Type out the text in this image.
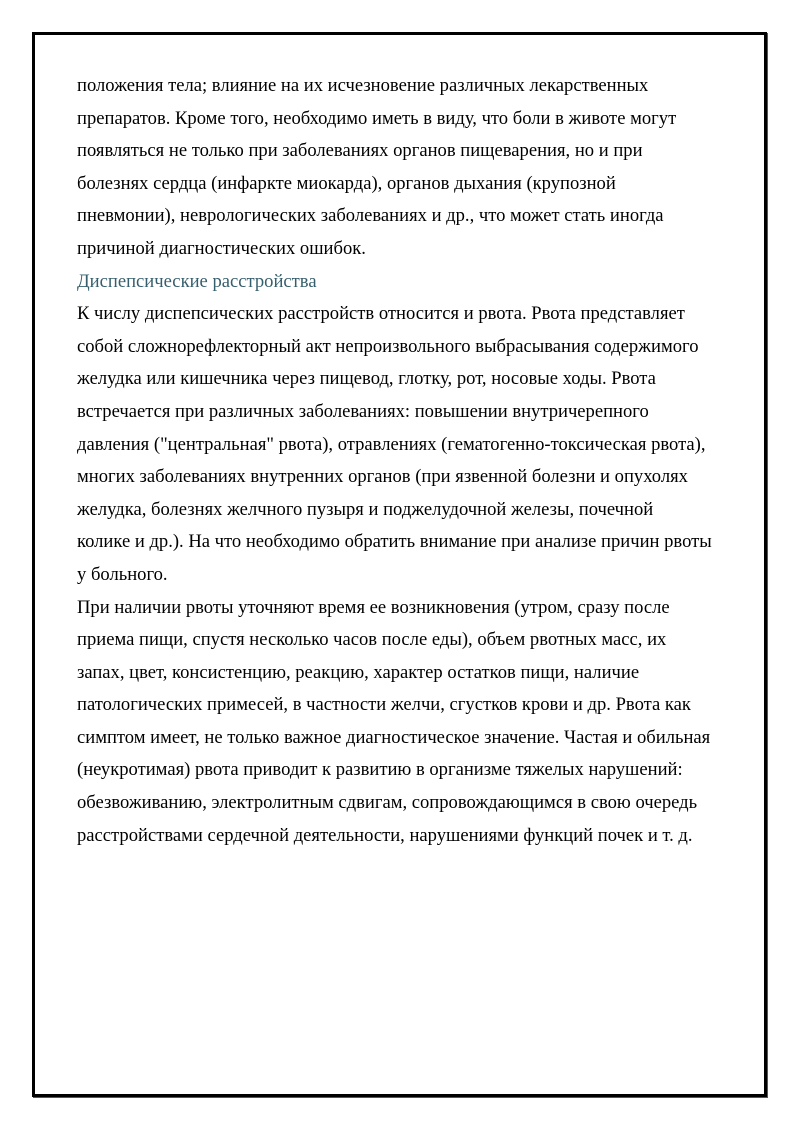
положения тела; влияние на их исчезновение различных лекарственных
препаратов. Кроме того, необходимо иметь в виду, что боли в животе могут
появляться не только при заболеваниях органов пищеварения, но и при
болезнях сердца (инфаркте миокарда), органов дыхания (крупозной
пневмонии), неврологических заболеваниях и др., что может стать иногда
причиной диагностических ошибок.
Диспепсические расстройства
К числу диспепсических расстройств относится и рвота. Рвота представляет
собой сложнорефлекторный акт непроизвольного выбрасывания содержимого
желудка или кишечника через пищевод, глотку, рот, носовые ходы. Рвота
встречается при различных заболеваниях: повышении внутричерепного
давления ("центральная" рвота), отравлениях (гематогенно-токсическая рвота),
многих заболеваниях внутренних органов (при язвенной болезни и опухолях
желудка, болезнях желчного пузыря и поджелудочной железы, почечной
колике и др.). На что необходимо обратить внимание при анализе причин рвоты
у больного.
При наличии рвоты уточняют время ее возникновения (утром, сразу после
приема пищи, спустя несколько часов после еды), объем рвотных масс, их
запах, цвет, консистенцию, реакцию, характер остатков пищи, наличие
патологических примесей, в частности желчи, сгустков крови и др. Рвота как
симптом имеет, не только важное диагностическое значение. Частая и обильная
(неукротимая) рвота приводит к развитию в организме тяжелых нарушений:
обезвоживанию, электролитным сдвигам, сопровождающимся в свою очередь
расстройствами сердечной деятельности, нарушениями функций почек и т. д.
